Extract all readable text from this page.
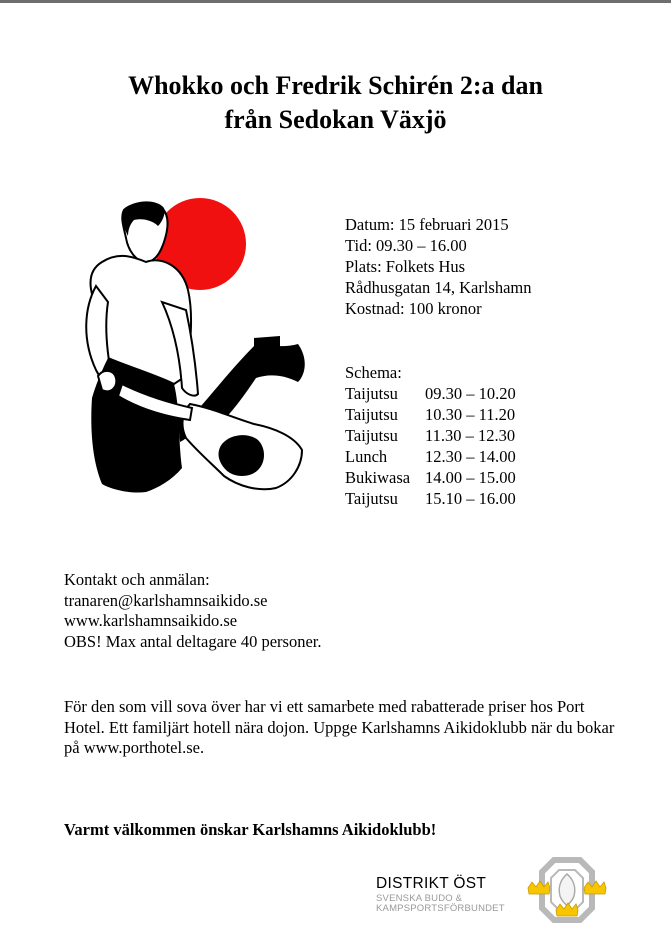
Whokko och Fredrik Schirén 2:a dan
från Sedokan Växjö
Datum: 15 februari 2015
Tid: 09.30 – 16.00
Plats: Folkets Hus
Rådhusgatan 14, Karlshamn
Kostnad: 100 kronor
Schema:
Taijutsu	09.30 – 10.20
Taijutsu	10.30 – 11.20
Taijutsu	11.30 – 12.30
Lunch	12.30 – 14.00
Bukiwasa 14.00 – 15.00
Taijutsu	15.10 – 16.00
Kontakt och anmälan:
tranaren@karlshamnsaikido.se
www.karlshamnsaikido.se
OBS! Max antal deltagare 40 personer.
För den som vill sova över har vi ett samarbete med rabatterade priser hos Port Hotel. Ett familjärt hotell nära dojon. Uppge Karlshamns Aikidoklubb när du bokar på www.porthotel.se.
Varmt välkommen önskar Karlshamns Aikidoklubb!
DISTRIKT ÖST
SVENSKA BUDO &
KAMPSPORTSFÖRBUNDET
